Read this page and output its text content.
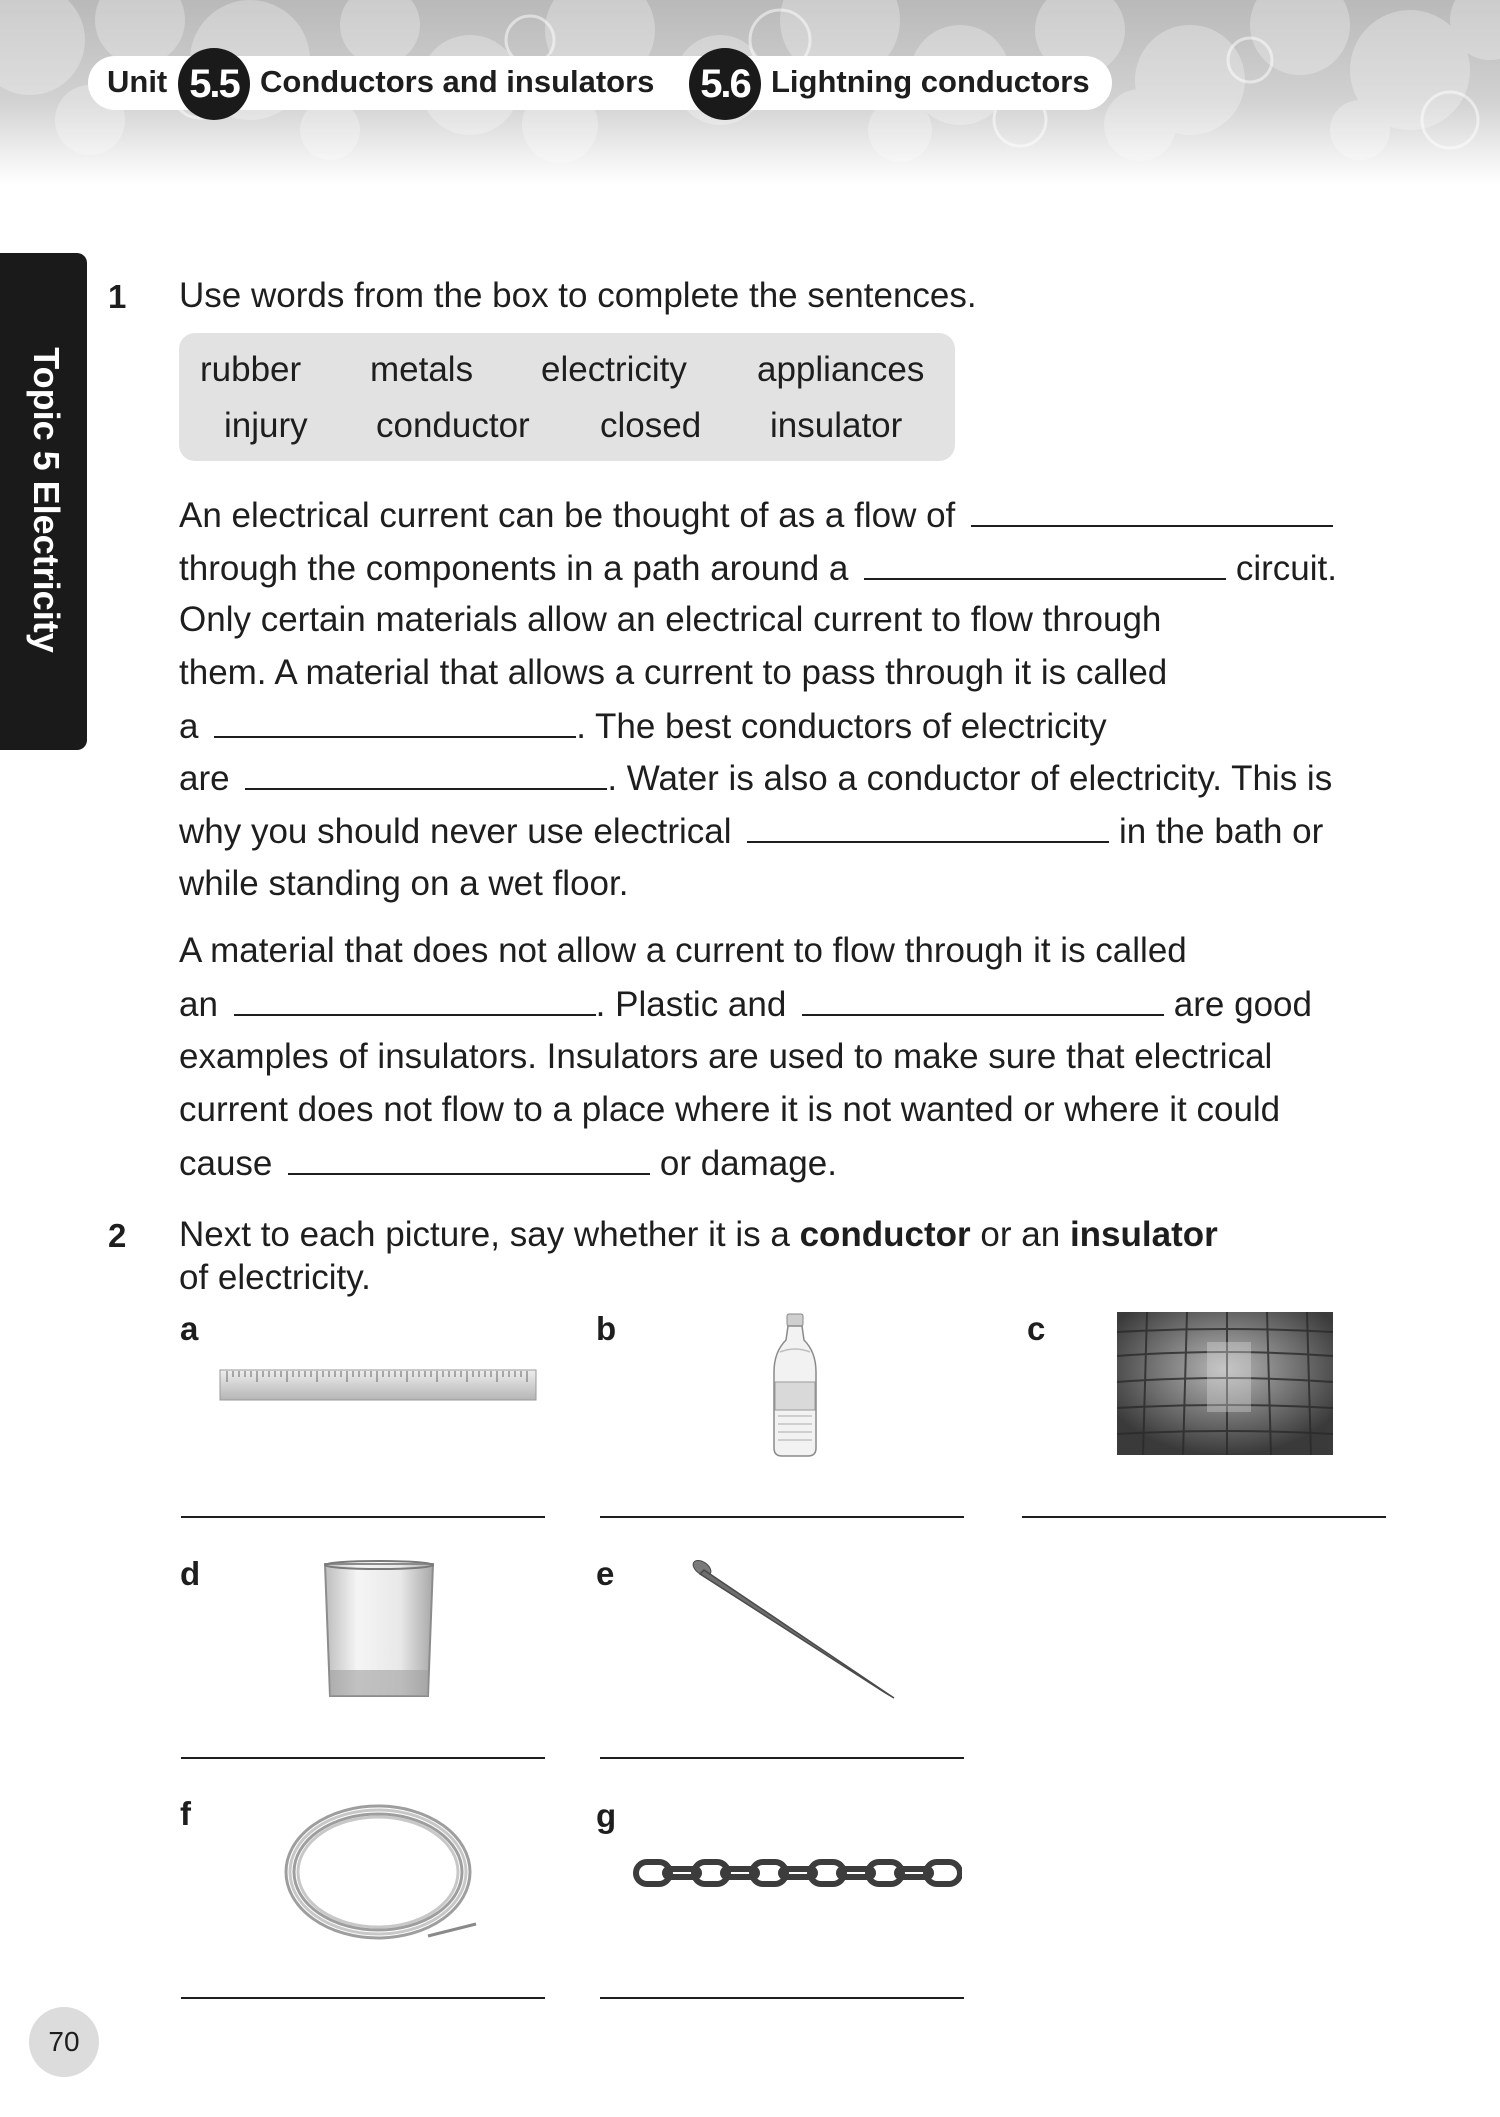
Unit 5.5 Conductors and insulators 5.6 Lightning conductors
Topic 5 Electricity
1 Use words from the box to complete the sentences.
rubber metals electricity appliances
injury conductor closed insulator
An electrical current can be thought of as a flow of
through the components in a path around a	circuit.
Only certain materials allow an electrical current to flow through
them. A material that allows a current to pass through it is called
a	. The best conductors of electricity
are	. Water is also a conductor of electricity. This is
why you should never use electrical	in the bath or
while standing on a wet floor.
A material that does not allow a current to flow through it is called
an	. Plastic and	are good
examples of insulators. Insulators are used to make sure that electrical
current does not flow to a place where it is not wanted or where it could
cause	or damage.
2 Next to each picture, say whether it is a conductor or an insulator
of electricity.
a	b	c
d	e
f	g
70
